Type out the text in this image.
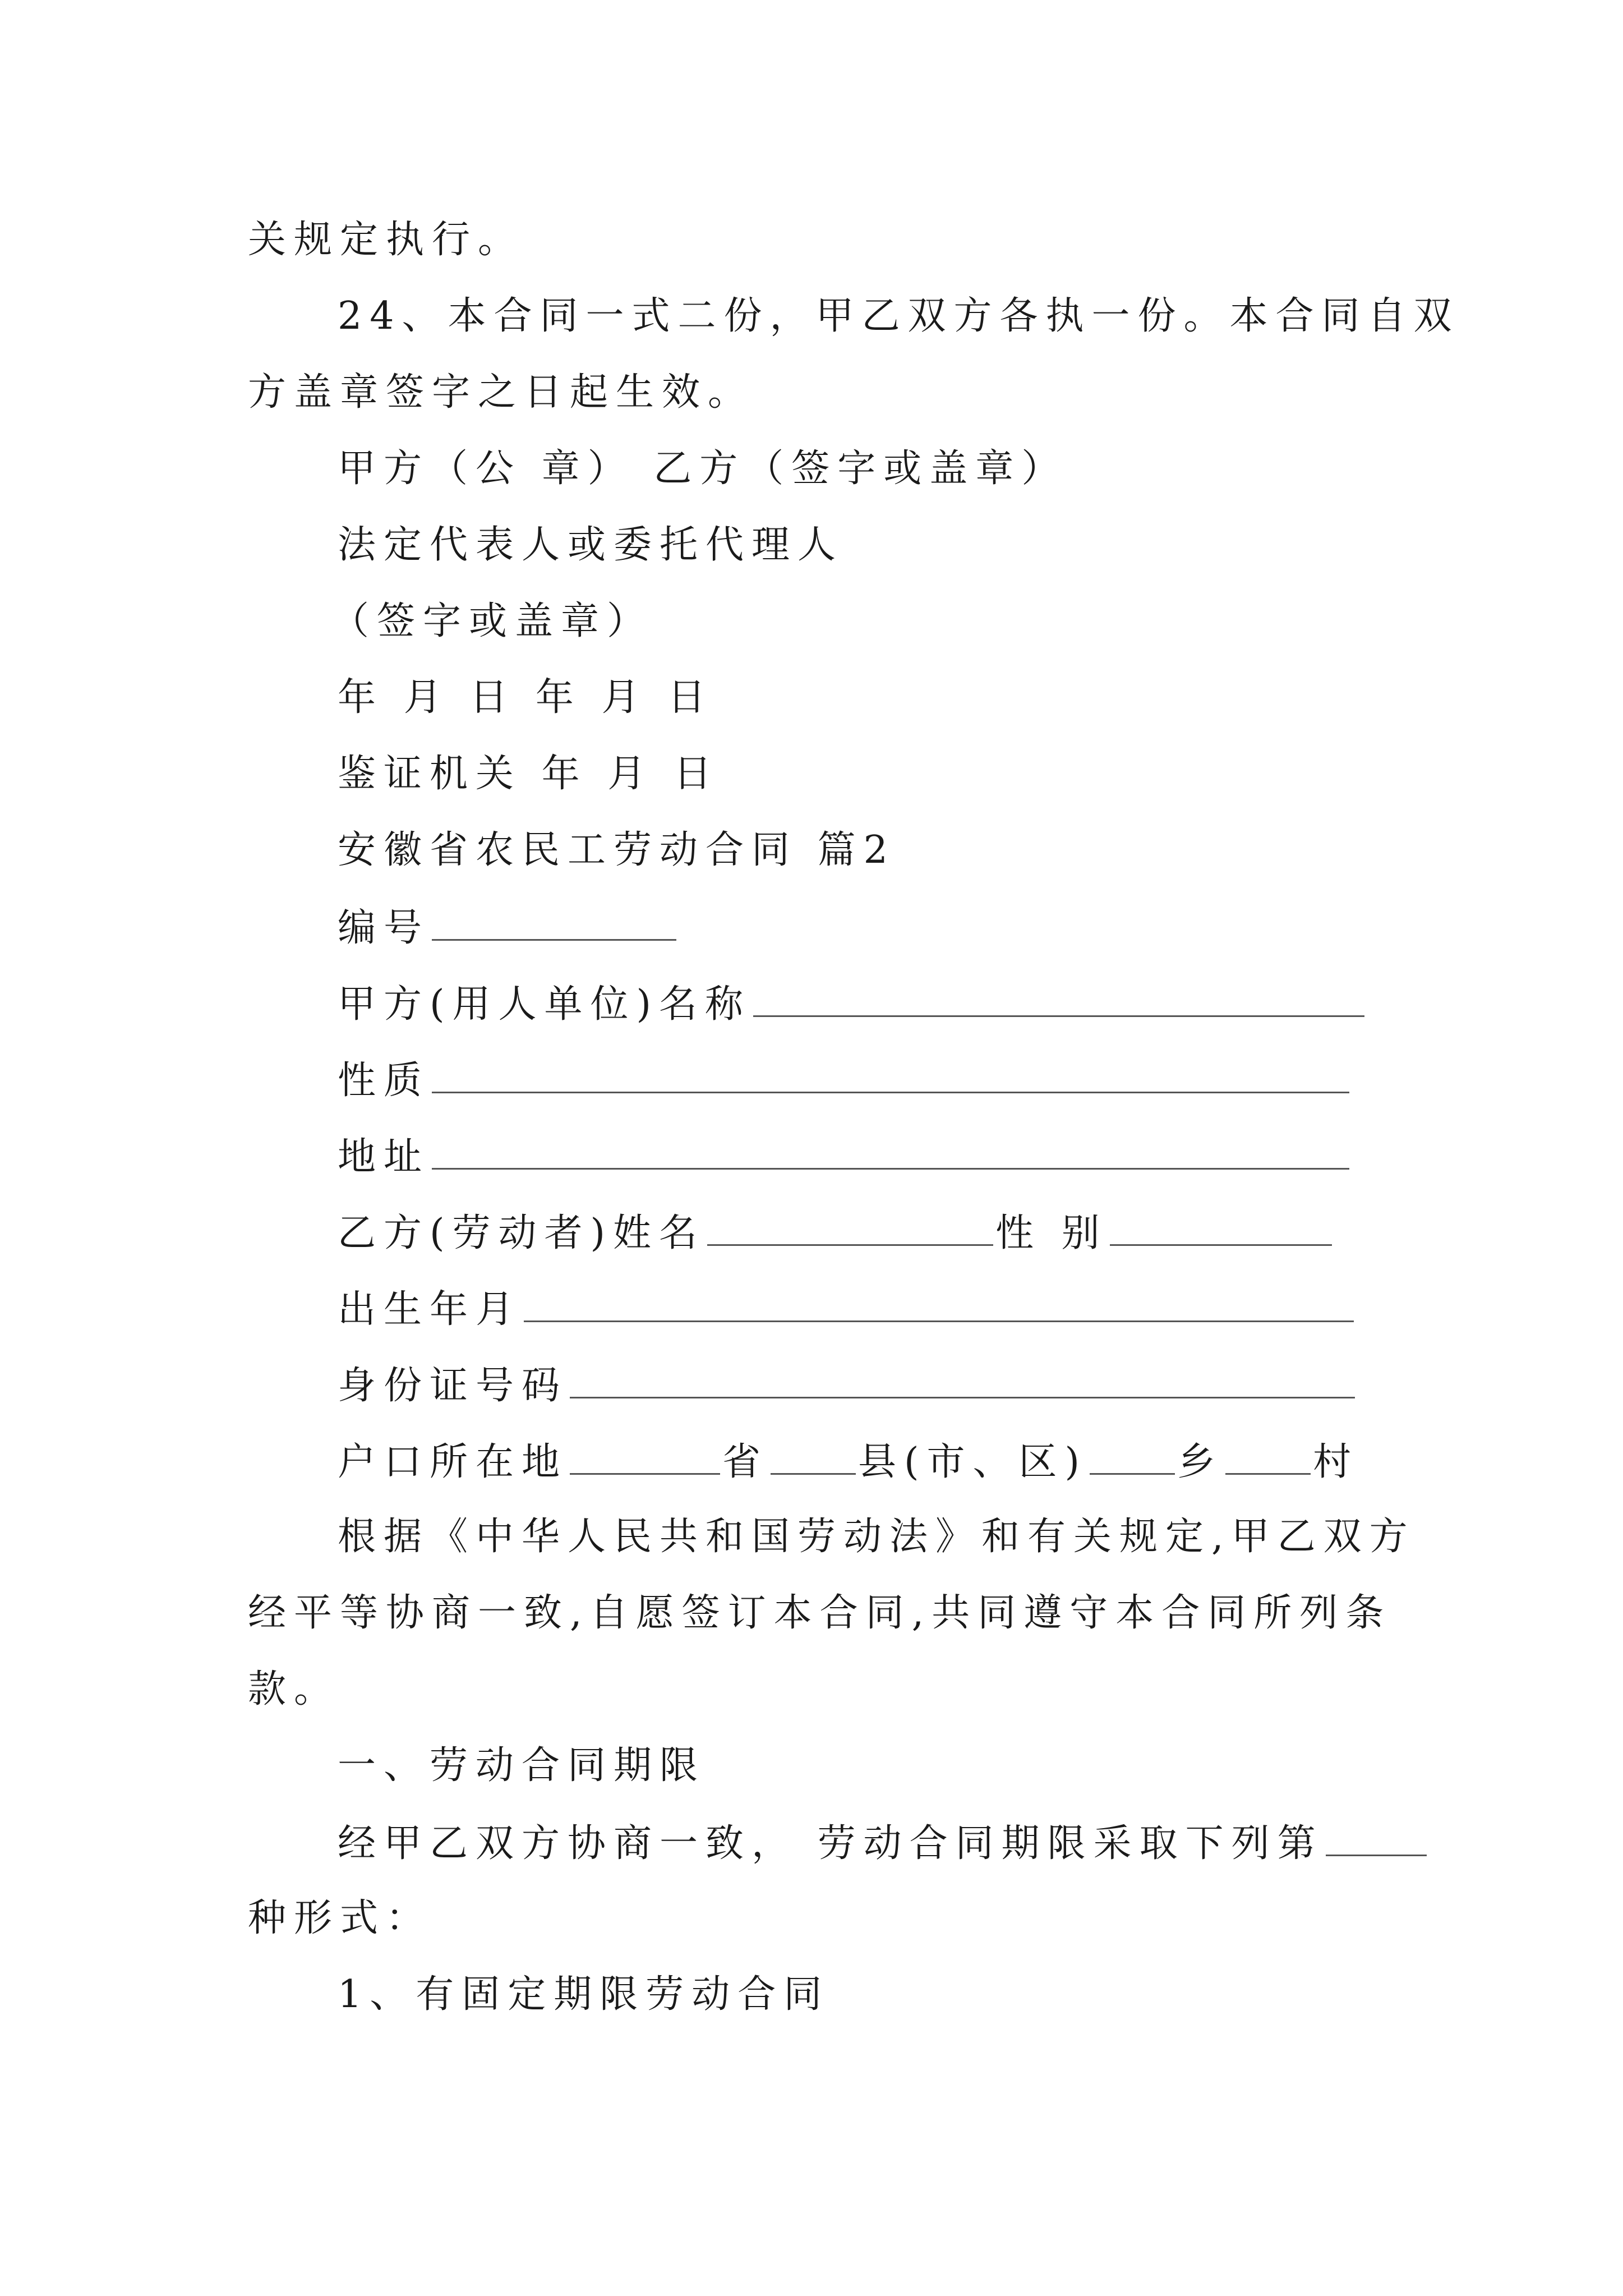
关规定执行。
24、本合同一式二份，甲乙双方各执一份。本合同自双
方盖章签字之日起生效。
甲方（公 章） 乙方（签字或盖章）
法定代表人或委托代理人
（签字或盖章）
年 月 日 年 月 日
鉴证机关 年 月 日
安徽省农民工劳动合同 篇2
编号
甲方(用人单位)名称
性质
地址
乙方(劳动者)姓名	性 别
出生年月
身份证号码
户口所在地	省 县(市、区) 乡 村
根据《中华人民共和国劳动法》和有关规定,甲乙双方
经平等协商一致,自愿签订本合同,共同遵守本合同所列条
款。
一、劳动合同期限
经甲乙双方协商一致， 劳动合同期限采取下列第
种形式：
1、有固定期限劳动合同
